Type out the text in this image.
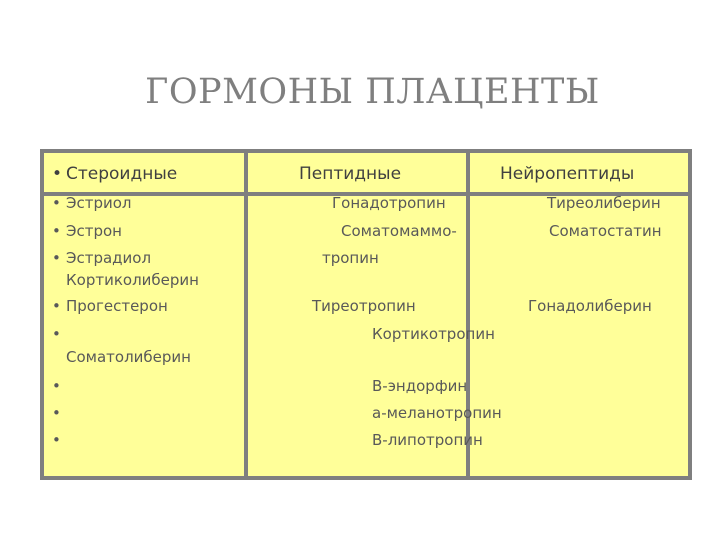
ГОРМОНЫ ПЛАЦЕНТЫ
• Стероидные	Пептидные	Нейропептиды
• Эстриол	Гонадотропин	Тиреолиберин
• Эстрон	Соматомаммо-	Соматостатин
• Эстрадиол	тропин
Кортиколиберин
• Прогестерон	Тиреотропин	Гонадолиберин
•	Кортикотропин
Соматолиберин
•	B-эндорфин
•	a-меланотропин
•	B-липотропин
